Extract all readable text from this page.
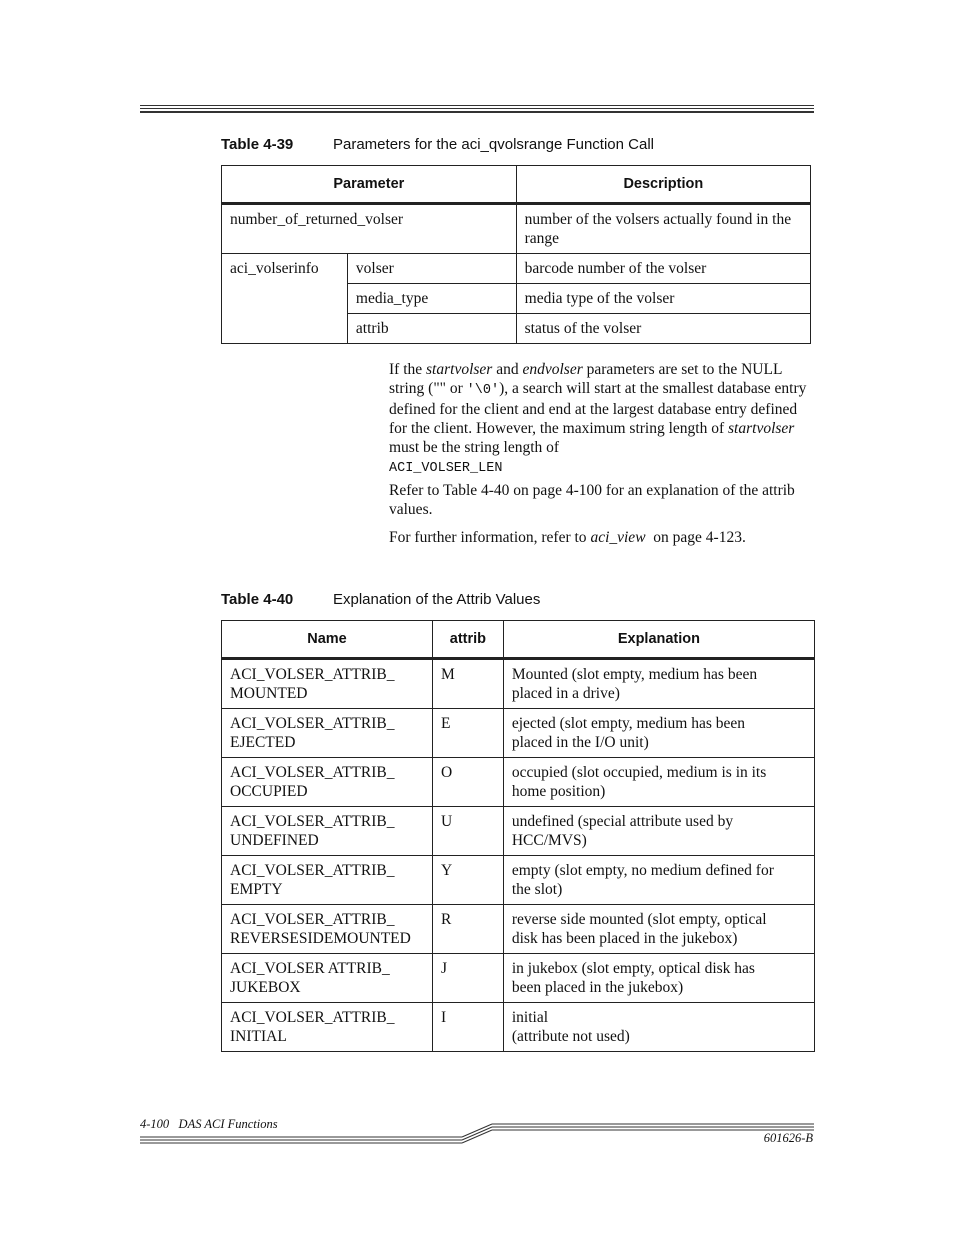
Table 4-39	Parameters for the aci_qvolsrange Function Call
Parameter		Description
number_of_returned_volser		number of the volsers actually found in the range
aci_volserinfo	volser	barcode number of the volser
	media_type	media type of the volser
	attrib	status of the volser

If the startvolser and endvolser parameters are set to the NULL string ("" or '\0'), a search will start at the smallest database entry defined for the client and end at the largest database entry defined for the client. However, the maximum string length of startvolser must be the string length of
ACI_VOLSER_LEN

Refer to Table 4-40 on page 4-100 for an explanation of the attrib values.

For further information, refer to aci_view  on page 4-123.

Table 4-40	Explanation of the Attrib Values
Name	attrib	Explanation
ACI_VOLSER_ATTRIB_
MOUNTED	M	Mounted (slot empty, medium has been
placed in a drive)
ACI_VOLSER_ATTRIB_
EJECTED	E	ejected (slot empty, medium has been
placed in the I/O unit)
ACI_VOLSER_ATTRIB_
OCCUPIED	O	occupied (slot occupied, medium is in its
home position)
ACI_VOLSER_ATTRIB_
UNDEFINED	U	undefined (special attribute used by
HCC/MVS)
ACI_VOLSER_ATTRIB_
EMPTY	Y	empty (slot empty, no medium defined for
the slot)
ACI_VOLSER_ATTRIB_
REVERSESIDEMOUNTED	R	reverse side mounted (slot empty, optical
disk has been placed in the jukebox)
ACI_VOLSER ATTRIB_
JUKEBOX	J	in jukebox (slot empty, optical disk has
been placed in the jukebox)
ACI_VOLSER_ATTRIB_
INITIAL	I	initial
(attribute not used)
4-100   DAS ACI Functions
601626-B
